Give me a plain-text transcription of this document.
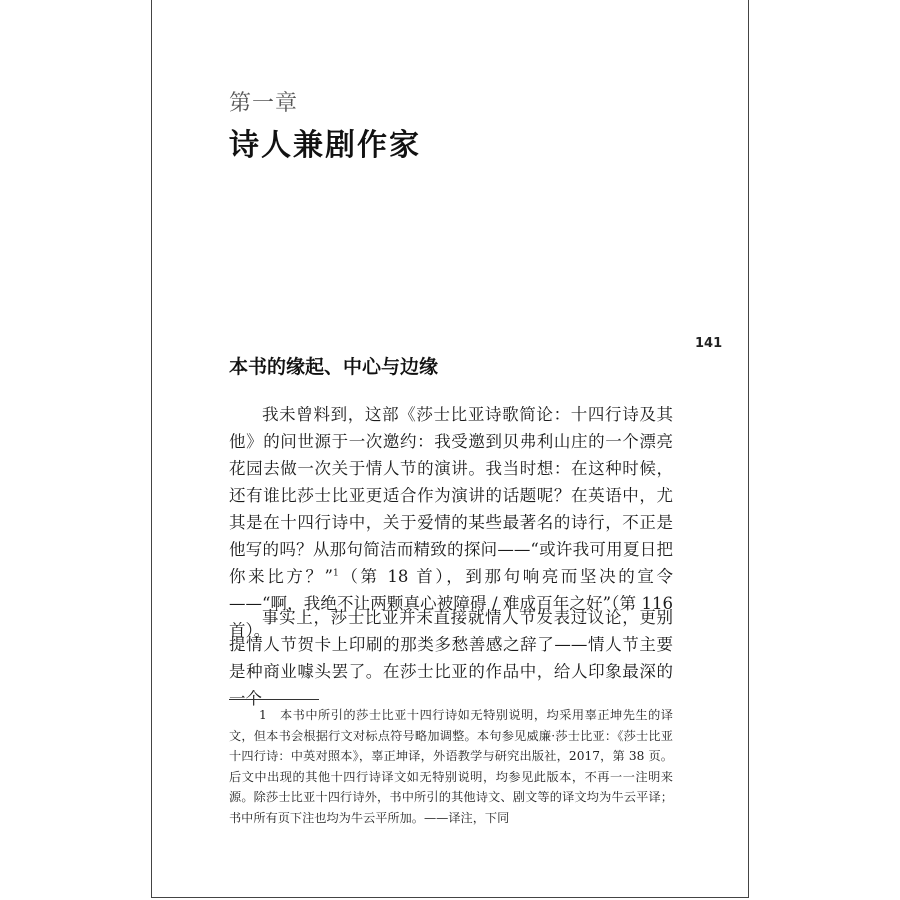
第一章
诗人兼剧作家
141
本书的缘起、中心与边缘

我未曾料到，这部《莎士比亚诗歌简论：十四行诗及其他》的问世源于一次邀约：我受邀到贝弗利山庄的一个漂亮花园去做一次关于情人节的演讲。我当时想：在这种时候，还有谁比莎士比亚更适合作为演讲的话题呢？在英语中，尤其是在十四行诗中，关于爱情的某些最著名的诗行，不正是他写的吗？从那句简洁而精致的探问——“或许我可用夏日把你来比方？”$^1$（第 18 首），到那句响亮而坚决的宣令——“啊，我绝不让两颗真心被障碍 / 难成百年之好”（第 116 首）。

事实上，莎士比亚并未直接就情人节发表过议论，更别提情人节贺卡上印刷的那类多愁善感之辞了——情人节主要是种商业噱头罢了。在莎士比亚的作品中，给人印象最深的一个

1　本书中所引的莎士比亚十四行诗如无特别说明，均采用辜正坤先生的译文，但本书会根据行文对标点符号略加调整。本句参见威廉·莎士比亚：《莎士比亚十四行诗：中英对照本》，辜正坤译，外语教学与研究出版社，2017，第 38 页。后文中出现的其他十四行诗译文如无特别说明，均参见此版本，不再一一注明来源。除莎士比亚十四行诗外，书中所引的其他诗文、剧文等的译文均为牛云平译；书中所有页下注也均为牛云平所加。——译注，下同
